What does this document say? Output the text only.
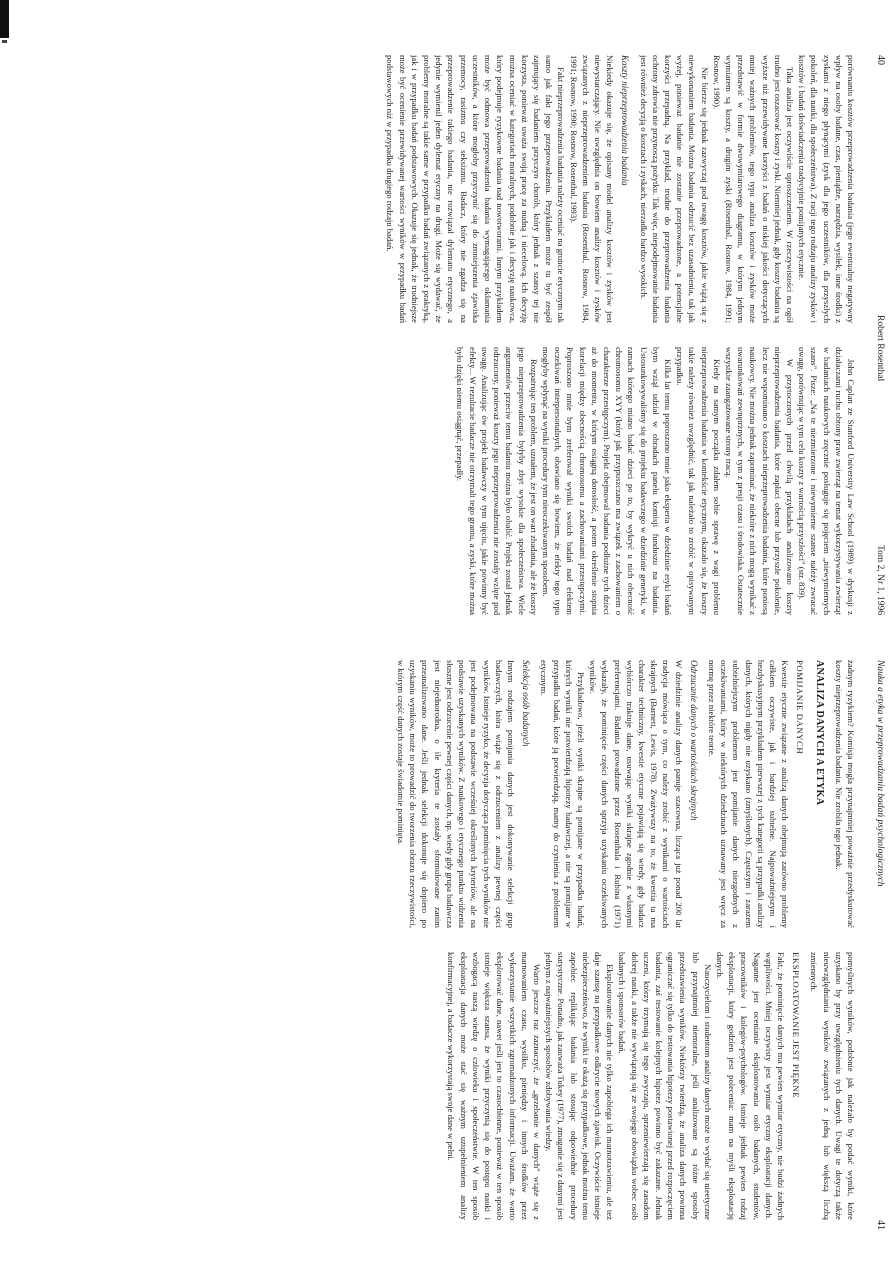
40
Robert Rosenthal
Tom 2, Nr 1, 1996

porównaniu kosztów przeprowadzenia badania (jego ewentualny negatywny wpływ na osoby badane, czas, pieniądze, narzędzia, wysiłek, inne środki) z zyskami z niego płynącymi (zysk dla jego uczestników, dla przyszłych pokoleń, dla nauki, dla społeczeństwa). Z racji tego rodzaju analizy zysków i kosztów i badań doświadczenia tradycyjnie pomijanych etycznie.

Taka analiza jest oczywiście uproszczeniem. W rzeczywistości na ogół trudno jest oszacować koszty i zyski. Niemniej jednak, gdy koszty badania są wyższe niż przewidywane korzyści z badań o niskiej jakości dotyczących mniej ważnych problemów, tego typu analiza kosztów i zysków może przedstawić w formie dwuwymiarowego diagramu, w którym jednym wymiarem są koszty, a drugim zyski (Rosenthal, Rosnow, 1984, 1991; Rosnow, 1990).

Nie bierze się jednak zazwyczaj pod uwagę kosztów, jakie wiążą się z niewykonaniem badania. Można badania odrzucić bez uzasadnienia, tak jak wyżej, ponieważ badanie nie zostanie przeprowadzone, a potencjalne korzyści przepadną. Na przykład, trudne do przeprowadzenia badania ochrony zdrowia nie przynoszą pożytku. Tak więc, niepodejmowanie badania jest również decyzją o kosztach i zyskach, nierzadko bardzo wysokich.

Koszty nieprzeprowadzenia badania

Niekiedy okazuje się, że opisany model analizy kosztów i zysków jest niewystarczający. Nie uwzględnia on bowiem analizy kosztów i zysków związanych z nieprzeprowadzeniem badania (Rosenthal, Rosnow, 1984, 1991; Rosnow, 1990; Rosnow, Rosenthal, 1993).

Fakt nieprzeprowadzenia badania należy oceniać na gruncie etycznym tak samo jak fakt jego przeprowadzenia. Przykładem może tu być zespół zajmujący się badaniem przyczyn chorób, który jednak z szansy tej nie korzysta, ponieważ uważa swoją pracę za nudną i niecelową. Ich decyzję można oceniać w kategoriach moralnych, podobnie jak i decyzję naukowca, który podejmuje ryzykowne badania nad nowotworami. Innym przykładem może być odmowa przeprowadzenia badania wymagającego okłamania uczestników, a które mogłoby przyczynić się do zmniejszenia zjawiska przemocy, rasizmu czy seksizmu. Badacz, który nie zgadza się na przeprowadzenie takiego badania, nie rozwiązał dylematu etycznego, a jedynie wymienił jeden dylemat etyczny na drugi. Może się wydawać, że problemy moralne są takie same w przypadku badań związanych z praktyką, jak i w przypadku badań podstawowych. Okazuje się jednak, że trudniejsze może być ocenienie przewidywanej wartości wyników w przypadku badań podstawowych niż w przypadku drugiego rodzaju badań.

John Caplan ze Stanford University Law School (1989) w dyskusji z działaczami ruchu obrony praw zwierząt na temat wykorzystywania zwierząt w badaniach naukowych zręcznie posługuje się pojęciem „niewymiernych szans". Pisze: „Na te niezmierzone i niewymierne szanse należy zwracać uwagę, porównując w tym celu koszty z wartością przyszłości" (str. 839).

W przytoczonych przed chwilą przykładach analizowano koszty nieprzeprowadzenia badania, które zapłaci obecne lub przyszłe pokolenie, lecz nie wspominano o kosztach nieprzeprowadzenia badania, które poniosą naukowcy. Nie można jednak zapominać, że niektóre z nich mogą wynikać z uwarunkowań zewnętrznych, w tym z presji czasu i środowiska. Ostatecznie wszystkie zaangażowane strony tracą.

Kiedy na samym początku zdałem sobie sprawę z wagi problemu nieprzeprowadzenia badania w kontekście etycznym, okazało się, że koszty takie należy również uwzględnić, tak jak należało to zrobić w opisywanym przypadku.

Kilka lat temu poproszono mnie jako eksperta w dziedzinie etyki badań bym wziął udział w obradach panelu komisji funduszu na badania. Ustosunkowywaliśmy się do projektu badawczego w dziedzinie genetyki, w ramach którego miano badać dzieci po to, by wykryć u nich obecność chromosomu XYY (który jak przypuszczano ma związek z zachowaniem o charakterze przestępczym). Projekt obejmował badania podłużne tych dzieci aż do momentu, w którym osiągną dorosłość, a potem określenie stopnia korelacji między obecnością chromosomu a zachowaniami przestępczymi. Poproszono mnie bym zreferował wyniki swoich badań nad efektem oczekiwań interpersonalnych, obawiano się bowiem, że efekty tego typu mogłyby wpłynąć na wyniki procedury tym nieoczekiwanym sposobem.

Rozpatrując ten problem, uznałem, że jest on wart zbadania, ale że koszty jego nieprzeprowadzenia byłyby zbyt wysokie dla społeczeństwa. Wiele argumentów przeciw temu badaniu można było obalić. Projekt został jednak odrzucony, ponieważ koszty jego nieprzeprowadzenia nie zostały wzięte pod uwagę. Analizując ów projekt badawczy w tym ujęciu, jakie powinny być efekty... W rezultacie badacze nie otrzymali tego grantu, a zyski, które można było dzięki niemu osiągnąć, przepadły.

Nauka a etyka w przeprowadzaniu badań psychologicznych
41

żadnym ryzykiem? Komisja mogła przynajmniej poważnie przedyskutować koszty nieprzeprowadzenia badania. Nie zrobiła tego jednak.

ANALIZA DANYCH A ETYKA
POMIJANIE DANYCH

Kwestie etyczne związane z analizą danych obejmują zarówno problemy całkiem oczywiste, jak i bardziej subtelne. Najpoważniejszym i bezdyskusyjnym przykładem pierwszej z tych kategorii są przypadki analizy danych, których nigdy nie uzyskano (zmyślonych). Częstszym i zarazem subtelniejszym problemem jest pomijanie danych niezgodnych z oczekiwaniami, który w niektórych dziedzinach uznawany jest wręcz za normę przez niektóre teorie.

Odrzucanie danych o wartościach skrajnych

W dziedzinie analizy danych panuje szacowna, licząca już ponad 200 lat tradycja mówiąca o tym, co należy zrobić z wynikami o wartościach skrajnych (Barnett, Lewis, 1978). Zważywszy na to, że kwestia ta ma charakter techniczny, kwestie etyczne pojawiają się wtedy, gdy badacz wybiórczo traktuje dane, usuwając wyniki skrajne zgodnie z własnymi preferencjami. Badania prowadzone przez Rosenthala i Rubina (1971) wykazały, że pominięcie części danych sprzyja uzyskaniu oczekiwanych wyników.

Przykładowo, jeżeli wyniki skrajne są pomijane w przypadku badań, których wyniki nie potwierdzają hipotezy badawczej, a nie są pomijane w przypadku badań, które ją potwierdzają, mamy do czynienia z problemem etycznym.

Selekcja osób badanych

Innym rodzajem pomijania danych jest dokonywanie selekcji grup badawczych, która wiąże się z odrzuceniem z analizy pewnej części wyników. Istnieje ryzyko, że decyzja dotycząca pominięcia tych wyników nie jest podejmowana na podstawie wcześniej określonych kryteriów, ale na podstawie uzyskanych wyników. Z naukowego i etycznego punktu widzenia słuszne jest odrzucenie pewnej części danych, np. wtedy gdy grupa badawcza jest niejednorodna, o ile kryteria te zostały sformułowane zanim przeanalizowano dane. Jeśli jednak selekcji dokonuje się dopiero po uzyskaniu wyników, może to prowadzić do tworzenia obrazu rzeczywistości, w którym część danych zostaje świadomie pominięta.

pomyślnych wyników, podobnie jak należało by podać wyniki, które uzyskano by przy uwzględnieniu tych danych. Uwagi te dotyczą także nieuwzględniania wyników związanych z jedną lub większą liczbą zmiennych.

EKSPLOATOWANIE JEST PIĘKNE

Fakt, że pominięcie danych ma pewien wymiar etyczny, nie budzi żadnych wątpliwości. Mniej oczywisty jest wymiar etyczny eksploatacji danych. Naganne jest ocenianie eksploatowania osób badanych, studentów, pracowników i kolegów-psychologów. Istnieje jednak pewien rodzaj eksploatacji, który godzien jest polecenia: mam na myśli eksploatację danych.

Nauczycielom i studentom analizy danych może to wydać się nieetyczne lub przynajmniej niemoralne, jeśli analizowane są różne sposoby przedstawienia wyników. Niektórzy twierdzą, że analiza danych powinna ograniczać się tylko do testowania hipotezy postawionej przed rozpoczęciem badania, zaś testowanie kolejnych hipotez powinno być zakazane. Jednak uczeni, którzy trzymają się tego zwyczaju, sprzeniewierzają się zasadom dobrej nauki, a także nie wywiązują się ze swojego obowiązku wobec osób badanych i sponsorów badań.

Eksploatowanie danych nie tylko zapobiega ich marnotrawieniu, ale też daje szansę na przypadkowe odkrycie nowych zjawisk. Oczywiście istnieje niebezpieczeństwo, że wyniki te okażą się przypadkowe, jednak można temu zapobiec replikując badania lub stosując odpowiednie procedury statystyczne. Ponadto, jak zauważa Tukey (1977), zmaganie się z danymi jest jednym z najważniejszych sposobów zdobywania wiedzy.

Warto jeszcze raz zaznaczyć, że „grzebanie w danych" wiąże się z marnowaniem czasu, wysiłku, pieniędzy i innych środków przez wykorzystanie wszystkich zgromadzonych informacji. Uważam, że warto eksplorować dane, nawet jeśli jest to czasochłonne, ponieważ w ten sposób istnieje większa szansa, że wyniki przyczynią się do postępu nauki i wzbogacą naszą wiedzę o człowieku i społeczeństwie. W ten sposób eksploatacja danych może stać się ważnym uzupełnieniem analizy konfirmacyjnej, a badacze wykorzystają swoje dane w pełni.
